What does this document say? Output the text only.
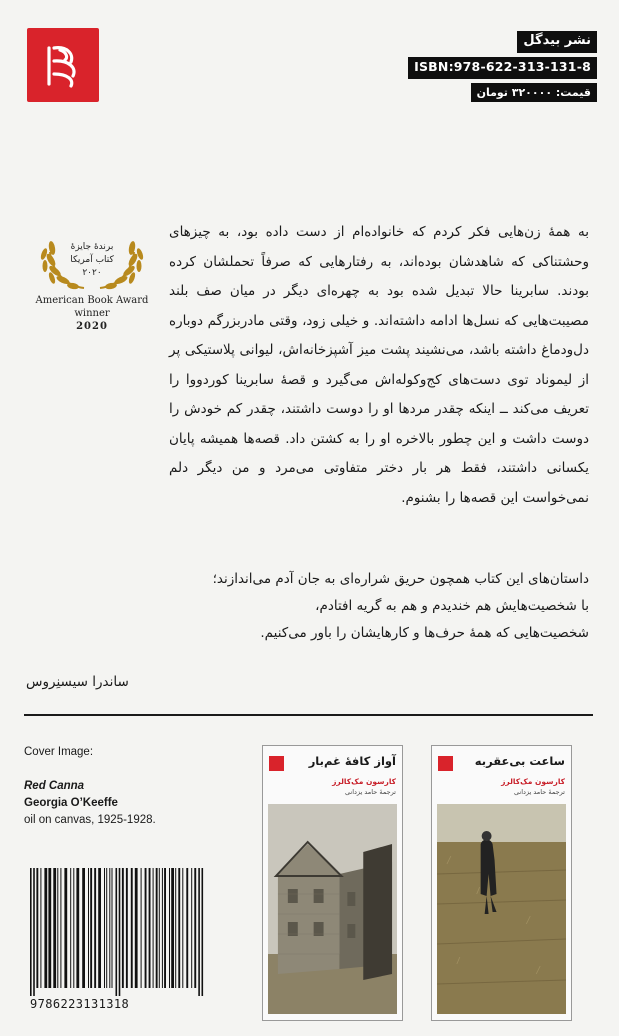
نشر بیدگل
ISBN:978-622-313-131-8
قیمت: ۳۲۰۰۰۰ تومان
برندهٔ جایزهٔ
کتاب آمریکا
۲۰۲۰
American Book Award
winner
2020
به همهٔ زن‌هایی فکر کردم که خانواده‌ام از دست داده بود، به چیزهای وحشتناکی که شاهدشان بوده‌اند، به رفتارهایی که صرفاً تحملشان کرده بودند. سابرینا حالا تبدیل شده بود به چهره‌ای دیگر در میان صف بلند مصیبت‌هایی که نسل‌ها ادامه داشته‌اند. و خیلی زود، وقتی مادربزرگم دوباره دل‌ودماغ داشته باشد، می‌نشیند پشت میز آشپزخانه‌اش، لیوانی پلاستیکی پر از لیموناد توی دست‌های کج‌وکوله‌اش می‌گیرد و قصهٔ سابرینا کوردووا را تعریف می‌کند ــ اینکه چقدر مردها او را دوست داشتند، چقدر کم خودش را دوست داشت و این چطور بالاخره او را به کشتن داد. قصه‌ها همیشه پایان یکسانی داشتند، فقط هر بار دختر متفاوتی می‌مرد و من دیگر دلم نمی‌خواست این قصه‌ها را بشنوم.
داستان‌های این کتاب همچون حریق شراره‌ای به جان آدم می‌اندازند؛
با شخصیت‌هایش هم خندیدم و هم به گریه افتادم،
شخصیت‌هایی که همهٔ حرف‌ها و کارهایشان را باور می‌کنیم.
ساندرا سیسنِروس
Cover Image:
Red Canna
Georgia O’Keeffe
oil on canvas, 1925-1928.
9786223131318
ساعت بی‌عقربه
کارسون مک‌کالرز
ترجمهٔ حامد یزدانی
آواز کافهٔ غم‌بار
کارسون مک‌کالرز
ترجمهٔ حامد یزدانی
